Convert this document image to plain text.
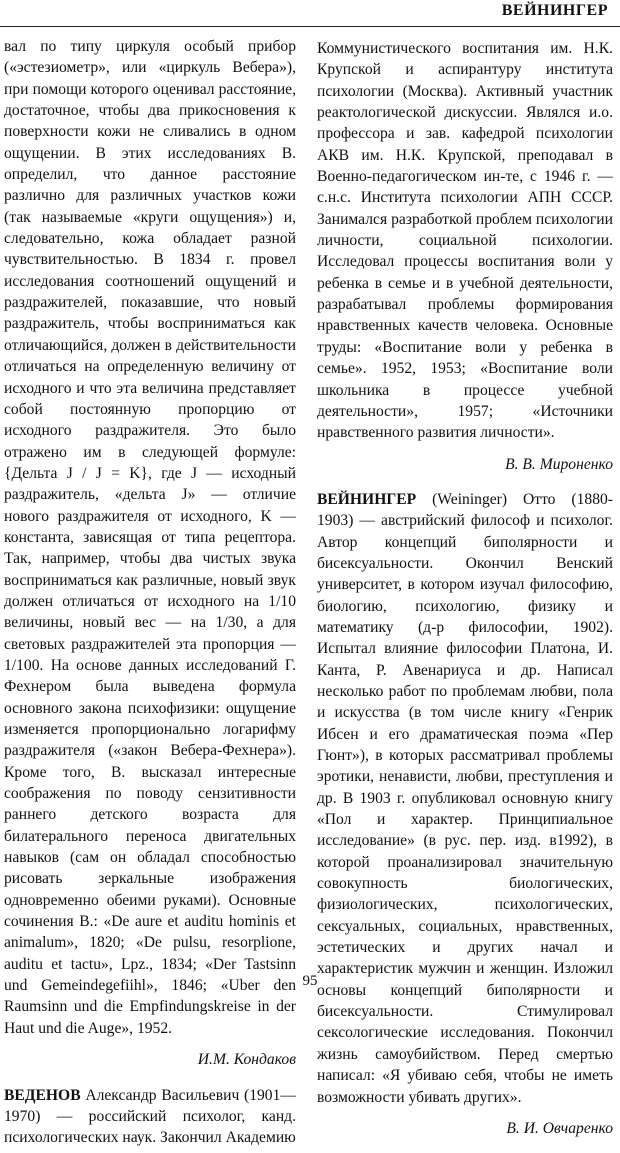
ВЕЙНИНГЕР

вал по типу циркуля особый прибор («эстезиометр», или «циркуль Вебера»), при помощи которого оценивал расстояние, достаточное, чтобы два прикосновения к поверхности кожи не сливались в одном ощущении. В этих исследованиях В. определил, что данное расстояние различно для различных участков кожи (так называемые «круги ощущения») и, следовательно, кожа обладает разной чувствительностью. В 1834 г. провел исследования соотношений ощущений и раздражителей, показавшие, что новый раздражитель, чтобы восприниматься как отличающийся, должен в действительности отличаться на определенную величину от исходного и что эта величина представляет собой постоянную пропорцию от исходного раздражителя. Это было отражено им в следующей формуле: {Дельта J / J = K}, где J — исходный раздражитель, «дельта J» — отличие нового раздражителя от исходного, K — константа, зависящая от типа рецептора. Так, например, чтобы два чистых звука восприниматься как различные, новый звук должен отличаться от исходного на 1/10 величины, новый вес — на 1/30, а для световых раздражителей эта пропорция — 1/100. На основе данных исследований Г. Фехнером была выведена формула основного закона психофизики: ощущение изменяется пропорционально логарифму раздражителя («закон Вебера-Фехнера»). Кроме того, В. высказал интересные соображения по поводу сензитивности раннего детского возраста для билатерального переноса двигательных навыков (сам он обладал способностью рисовать зеркальные изображения одновременно обеими руками). Основные сочинения В.: «De aure et auditu hominis et animalum», 1820; «De pulsu, resorplione, auditu et tactu», Lpz., 1834; «Der Tastsinn und Gemeindegefiihl», 1846; «Uber den Raumsinn und die Empfindungskreise in der Haut und die Auge», 1952.

И.М. Кондаков

ВЕДЕНОВ Александр Васильевич (1901—1970) — российский психолог, канд. психологических наук. Закончил Академию

Коммунистического воспитания им. Н.К. Крупской и аспирантуру института психологии (Москва). Активный участник реактологической дискуссии. Являлся и.о. профессора и зав. кафедрой психологии АКВ им. Н.К. Крупской, преподавал в Военно-педагогическом ин-те, с 1946 г. — с.н.с. Института психологии АПН СССР. Занимался разработкой проблем психологии личности, социальной психологии. Исследовал процессы воспитания воли у ребенка в семье и в учебной деятельности, разрабатывал проблемы формирования нравственных качеств человека. Основные труды: «Воспитание воли у ребенка в семье». 1952, 1953; «Воспитание воли школьника в процессе учебной деятельности», 1957; «Источники нравственного развития личности».

В. В. Мироненко

ВЕЙНИНГЕР (Weininger) Отто (1880-1903) — австрийский философ и психолог. Автор концепций биполярности и бисексуальности. Окончил Венский университет, в котором изучал философию, биологию, психологию, физику и математику (д-р философии, 1902). Испытал влияние философии Платона, И. Канта, Р. Авенариуса и др. Написал несколько работ по проблемам любви, пола и искусства (в том числе книгу «Генрик Ибсен и его драматическая поэма «Пер Гюнт»), в которых рассматривал проблемы эротики, ненависти, любви, преступления и др. В 1903 г. опубликовал основную книгу «Пол и характер. Принципиальное исследование» (в рус. пер. изд. в1992), в которой проанализировал значительную совокупность биологических, физиологических, психологических, сексуальных, социальных, нравственных, эстетических и других начал и характеристик мужчин и женщин. Изложил основы концепций биполярности и бисексуальности. Стимулировал сексологические исследования. Покончил жизнь самоубийством. Перед смертью написал: «Я убиваю себя, чтобы не иметь возможности убивать других».

В. И. Овчаренко

95
